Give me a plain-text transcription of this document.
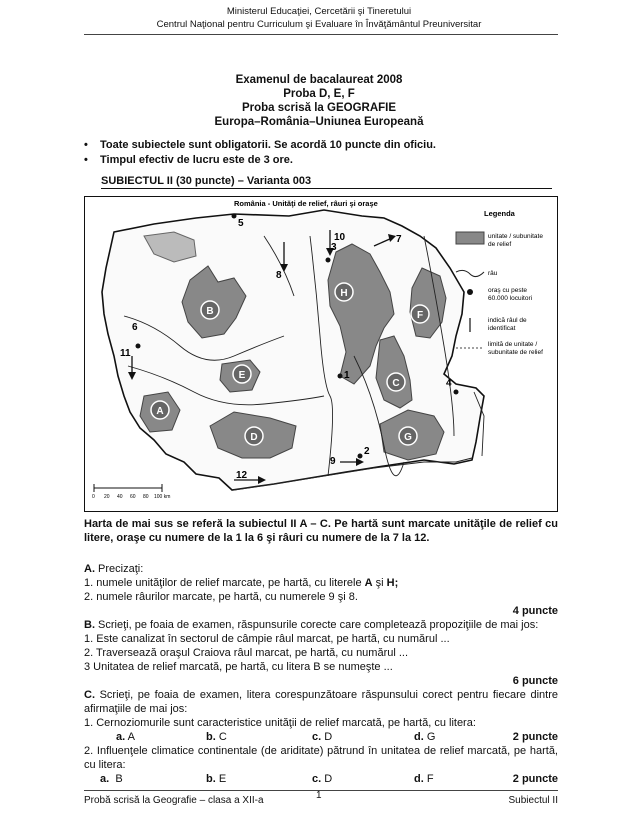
Ministerul Educaţiei, Cercetării şi Tineretului
Centrul Naţional pentru Curriculum şi Evaluare în Învăţământul Preuniversitar
Examenul de bacalaureat 2008
Proba D, E, F
Proba scrisă la GEOGRAFIE
Europa–România–Uniunea Europeană
• Toate subiectele sunt obligatorii. Se acordă 10 puncte din oficiu.
• Timpul efectiv de lucru este de 3 ore.
SUBIECTUL II (30 puncte) – Varianta 003
România - Unităţi de relief, râuri şi oraşe
Legenda
unitate / subunitate
de relief
râu
oraş cu peste
60.000 locuitori
indică râul de
identificat
limită de unitate /
subunitate de relief
A
B
C
D
E
F
G
H
1
2
3
4
5
6
7
8
9
10
11
12
0 20 40 60 80 100 km
Harta de mai sus se referă la subiectul II A – C. Pe hartă sunt marcate unităţile de relief cu litere, oraşe cu numere de la 1 la 6 şi râuri cu numere de la 7 la 12.
A. Precizaţi:
1. numele unităţilor de relief marcate, pe hartă, cu literele A şi H;
2. numele râurilor marcate, pe hartă, cu numerele 9 şi 8.
4 puncte
B. Scrieţi, pe foaia de examen, răspunsurile corecte care completează propoziţiile de mai jos:
1. Este canalizat în sectorul de câmpie râul marcat, pe hartă, cu numărul ...
2. Traversează oraşul Craiova râul marcat, pe hartă, cu numărul ...
3 Unitatea de relief marcată, pe hartă, cu litera B se numeşte ...
6 puncte
C. Scrieţi, pe foaia de examen, litera corespunzătoare răspunsului corect pentru fiecare dintre afirmaţiile de mai jos:
1. Cernoziomurile sunt caracteristice unităţii de relief marcată, pe hartă, cu litera:
a. A	b. C	c. D	d. G	2 puncte
2. Influenţele climatice continentale (de ariditate) pătrund în unitatea de relief marcată, pe hartă, cu litera:
a. B	b. E	c. D	d. F	2 puncte
Probă scrisă la Geografie – clasa a XII-a	1	Subiectul II
